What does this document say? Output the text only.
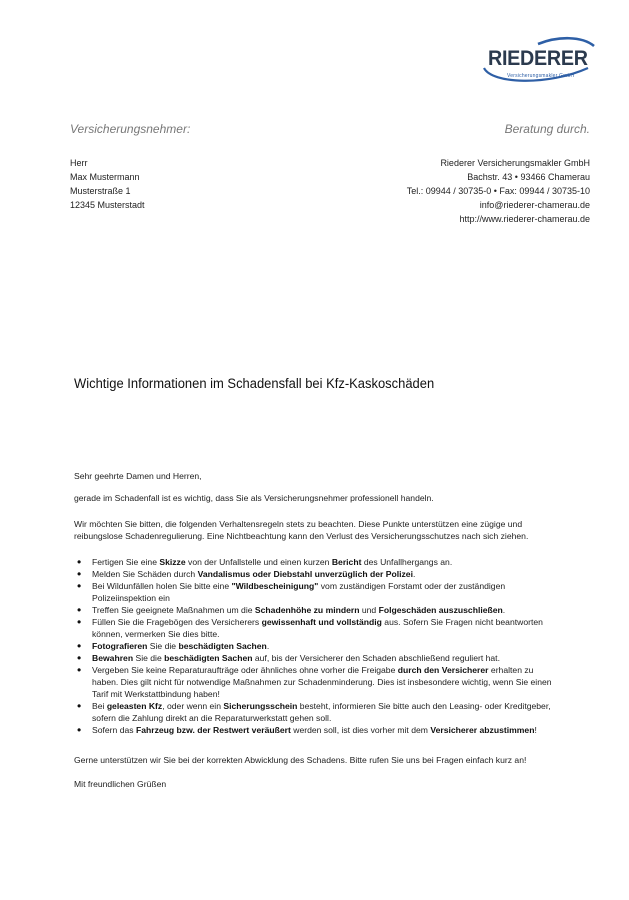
RIEDERER
Versicherungsmakler GmbH
Versicherungsnehmer:	Beratung durch.
Herr
Max Mustermann
Musterstraße 1
12345 Musterstadt
Riederer Versicherungsmakler GmbH
Bachstr. 43 • 93466 Chamerau
Tel.: 09944 / 30735-0 • Fax: 09944 / 30735-10
info@riederer-chamerau.de
http://www.riederer-chamerau.de
Wichtige Informationen im Schadensfall bei Kfz-Kaskoschäden

Sehr geehrte Damen und Herren,

gerade im Schadenfall ist es wichtig, dass Sie als Versicherungsnehmer professionell handeln.

Wir möchten Sie bitten, die folgenden Verhaltensregeln stets zu beachten. Diese Punkte unterstützen eine zügige und reibungslose Schadenregulierung. Eine Nichtbeachtung kann den Verlust des Versicherungsschutzes nach sich ziehen.

• Fertigen Sie eine Skizze von der Unfallstelle und einen kurzen Bericht des Unfallhergangs an.
• Melden Sie Schäden durch Vandalismus oder Diebstahl unverzüglich der Polizei.
• Bei Wildunfällen holen Sie bitte eine "Wildbescheinigung" vom zuständigen Forstamt oder der zuständigen Polizeiinspektion ein
• Treffen Sie geeignete Maßnahmen um die Schadenhöhe zu mindern und Folgeschäden auszuschließen.
• Füllen Sie die Fragebögen des Versicherers gewissenhaft und vollständig aus. Sofern Sie Fragen nicht beantworten können, vermerken Sie dies bitte.
• Fotografieren Sie die beschädigten Sachen.
• Bewahren Sie die beschädigten Sachen auf, bis der Versicherer den Schaden abschließend reguliert hat.
• Vergeben Sie keine Reparaturaufträge oder ähnliches ohne vorher die Freigabe durch den Versicherer erhalten zu haben. Dies gilt nicht für notwendige Maßnahmen zur Schadenminderung. Dies ist insbesondere wichtig, wenn Sie einen Tarif mit Werkstattbindung haben!
• Bei geleasten Kfz, oder wenn ein Sicherungsschein besteht, informieren Sie bitte auch den Leasing- oder Kreditgeber, sofern die Zahlung direkt an die Reparaturwerkstatt gehen soll.
• Sofern das Fahrzeug bzw. der Restwert veräußert werden soll, ist dies vorher mit dem Versicherer abzustimmen!

Gerne unterstützen wir Sie bei der korrekten Abwicklung des Schadens. Bitte rufen Sie uns bei Fragen einfach kurz an!

Mit freundlichen Grüßen
